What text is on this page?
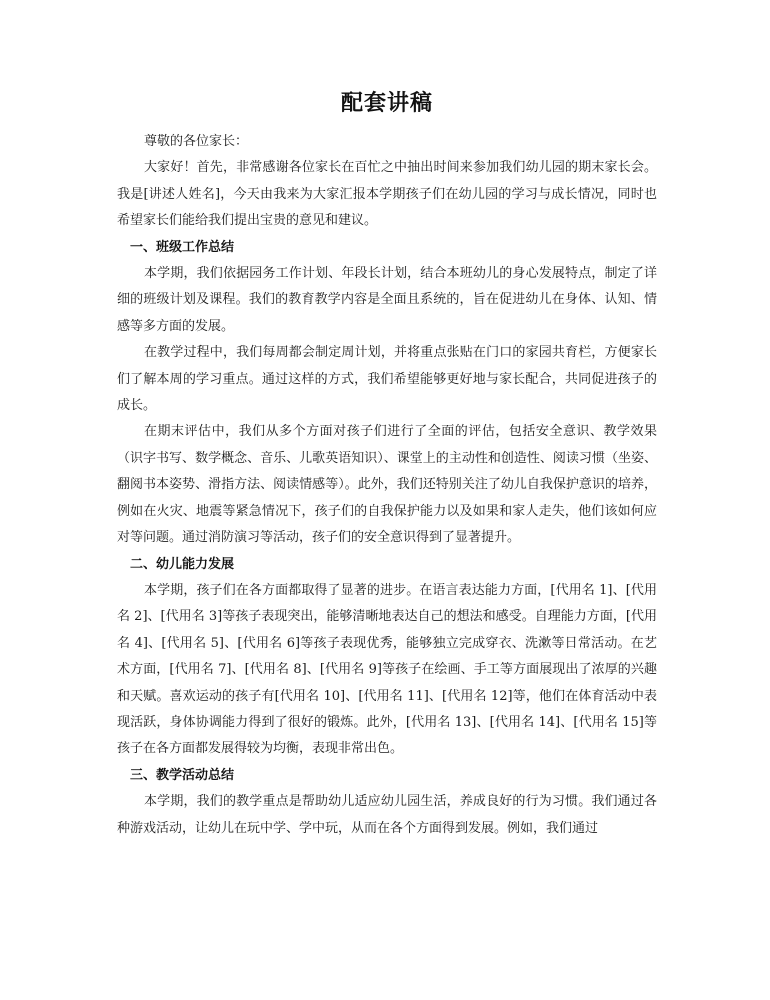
配套讲稿

尊敬的各位家长：

大家好！首先，非常感谢各位家长在百忙之中抽出时间来参加我们幼儿园的期末家长会。我是[讲述人姓名]，今天由我来为大家汇报本学期孩子们在幼儿园的学习与成长情况，同时也希望家长们能给我们提出宝贵的意见和建议。

一、班级工作总结

本学期，我们依据园务工作计划、年段长计划，结合本班幼儿的身心发展特点，制定了详细的班级计划及课程。我们的教育教学内容是全面且系统的，旨在促进幼儿在身体、认知、情感等多方面的发展。

在教学过程中，我们每周都会制定周计划，并将重点张贴在门口的家园共育栏，方便家长们了解本周的学习重点。通过这样的方式，我们希望能够更好地与家长配合，共同促进孩子的成长。

在期末评估中，我们从多个方面对孩子们进行了全面的评估，包括安全意识、教学效果（识字书写、数学概念、音乐、儿歌英语知识）、课堂上的主动性和创造性、阅读习惯（坐姿、翻阅书本姿势、滑指方法、阅读情感等）。此外，我们还特别关注了幼儿自我保护意识的培养，例如在火灾、地震等紧急情况下，孩子们的自我保护能力以及如果和家人走失，他们该如何应对等问题。通过消防演习等活动，孩子们的安全意识得到了显著提升。

二、幼儿能力发展

本学期，孩子们在各方面都取得了显著的进步。在语言表达能力方面，[代用名 1]、[代用名 2]、[代用名 3]等孩子表现突出，能够清晰地表达自己的想法和感受。自理能力方面，[代用名 4]、[代用名 5]、[代用名 6]等孩子表现优秀，能够独立完成穿衣、洗漱等日常活动。在艺术方面，[代用名 7]、[代用名 8]、[代用名 9]等孩子在绘画、手工等方面展现出了浓厚的兴趣和天赋。喜欢运动的孩子有[代用名 10]、[代用名 11]、[代用名 12]等，他们在体育活动中表现活跃，身体协调能力得到了很好的锻炼。此外，[代用名 13]、[代用名 14]、[代用名 15]等孩子在各方面都发展得较为均衡，表现非常出色。

三、教学活动总结

本学期，我们的教学重点是帮助幼儿适应幼儿园生活，养成良好的行为习惯。我们通过各种游戏活动，让幼儿在玩中学、学中玩，从而在各个方面得到发展。例如，我们通过
